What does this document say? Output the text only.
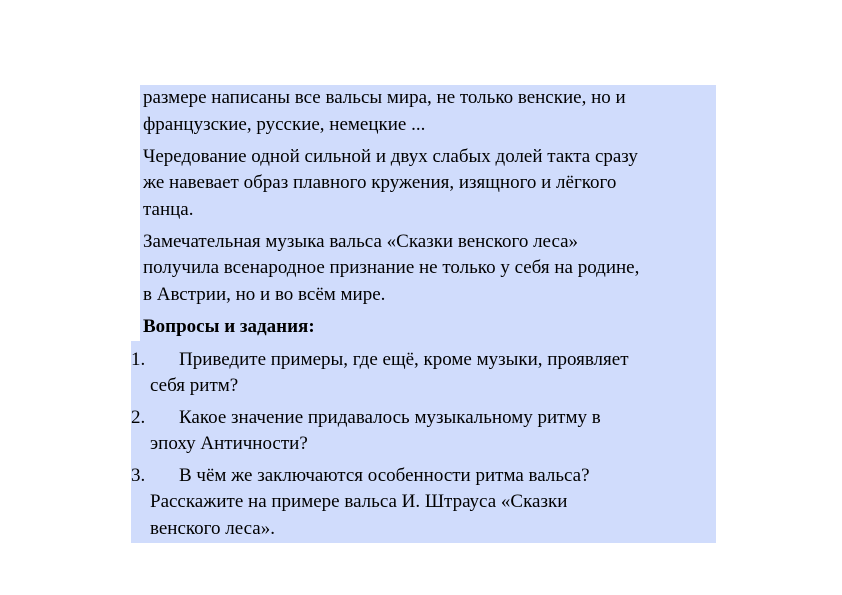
размере написаны все вальсы мира, не только венские, но и
французские, русские, немецкие ...
Чередование одной сильной и двух слабых долей такта сразу
же навевает образ плавного кружения, изящного и лёгкого
танца.
Замечательная музыка вальса «Сказки венского леса»
получила всенародное признание не только у себя на родине,
в Австрии, но и во всём мире.
Вопросы и задания:
1. Приведите примеры, где ещё, кроме музыки, проявляет
себя ритм?
2. Какое значение придавалось музыкальному ритму в
эпоху Античности?
3. В чём же заключаются особенности ритма вальса?
Расскажите на примере вальса И. Штрауса «Сказки
венского леса».
